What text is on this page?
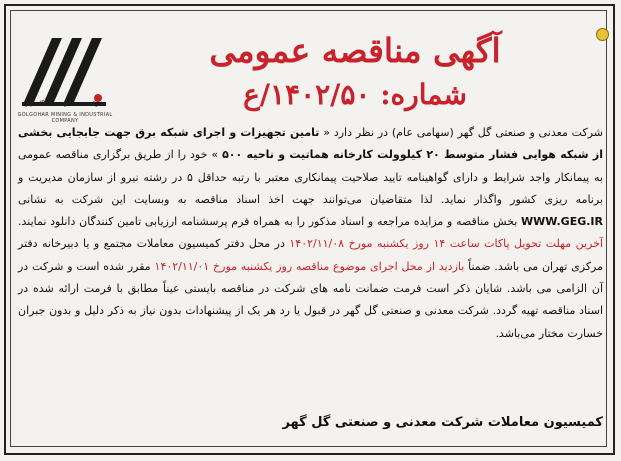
شرکت معدنی و صنعتی گل گهر
GOLGOHAR MINING & INDUSTRIAL COMPANY
آگهی مناقصه عمومی
شماره: ۱۴۰۲/۵۰/ع
شرکت معدنی و صنعتی گل گهر (سهامی عام) در نظر دارد « تامین تجهیزات و اجرای شبکه برق جهت جابجایی بخشی از شبکه هوایی فشار متوسط ۲۰ کیلوولت کارخانه هماتیت و ناحیه ۵۰۰ » خود را از طریق برگزاری مناقصه عمومی به پیمانکار واجد شرایط و دارای گواهینامه تایید صلاحیت پیمانکاری معتبر با رتبه حداقل ۵ در رشته نیرو از سازمان مدیریت و برنامه ریزی کشور واگذار نماید. لذا متقاضیان می‌توانند جهت اخذ اسناد مناقصه به وبسایت این شرکت به نشانی WWW.GEG.IR بخش مناقصه و مزایده مراجعه و اسناد مذکور را به همراه فرم پرسشنامه ارزیابی تامین کنندگان دانلود نمایند. آخرین مهلت تحویل پاکات ساعت ۱۴ روز یکشنبه مورخ ۱۴۰۲/۱۱/۰۸ در محل دفتر کمیسیون معاملات مجتمع و یا دبیرخانه دفتر مرکزی تهران می باشد. ضمناً بازدید از محل اجرای موضوع مناقصه روز یکشنبه مورخ ۱۴۰۲/۱۱/۰۱ مقرر شده است و شرکت در آن الزامی می باشد. شایان ذکر است فرمت ضمانت نامه های شرکت در مناقصه بایستی عیناً مطابق با فرمت ارائه شده در اسناد مناقصه تهیه گردد. شرکت معدنی و صنعتی گل گهر در قبول یا رد هر یک از پیشنهادات بدون نیاز به ذکر دلیل و بدون جبران خسارت مختار می‌باشد.
کمیسیون معاملات شرکت معدنی و صنعتی گل گهر
